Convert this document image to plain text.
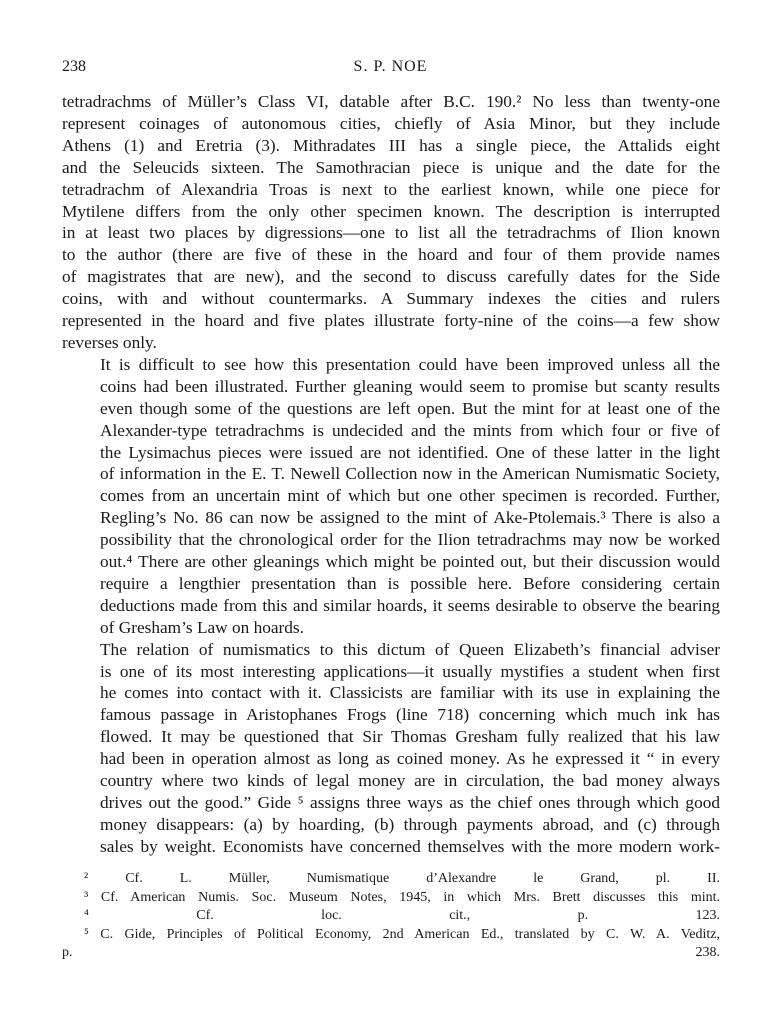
238	S. P. NOE

tetradrachms of Müller’s Class VI, datable after B.C. 190.² No less than twenty-one
represent coinages of autonomous cities, chiefly of Asia Minor, but they include
Athens (1) and Eretria (3). Mithradates III has a single piece, the Attalids eight
and the Seleucids sixteen. The Samothracian piece is unique and the date for the
tetradrachm of Alexandria Troas is next to the earliest known, while one piece for
Mytilene differs from the only other specimen known. The description is interrupted
in at least two places by digressions—one to list all the tetradrachms of Ilion known
to the author (there are five of these in the hoard and four of them provide names
of magistrates that are new), and the second to discuss carefully dates for the Side
coins, with and without countermarks. A Summary indexes the cities and rulers
represented in the hoard and five plates illustrate forty-nine of the coins—a few show
reverses only.

It is difficult to see how this presentation could have been improved unless all the
coins had been illustrated. Further gleaning would seem to promise but scanty results
even though some of the questions are left open. But the mint for at least one of the
Alexander-type tetradrachms is undecided and the mints from which four or five of
the Lysimachus pieces were issued are not identified. One of these latter in the light
of information in the E. T. Newell Collection now in the American Numismatic Society,
comes from an uncertain mint of which but one other specimen is recorded. Further,
Regling’s No. 86 can now be assigned to the mint of Ake-Ptolemais.³ There is also a
possibility that the chronological order for the Ilion tetradrachms may now be worked
out.⁴ There are other gleanings which might be pointed out, but their discussion would
require a lengthier presentation than is possible here. Before considering certain
deductions made from this and similar hoards, it seems desirable to observe the bearing
of Gresham’s Law on hoards.

The relation of numismatics to this dictum of Queen Elizabeth’s financial adviser
is one of its most interesting applications—it usually mystifies a student when first
he comes into contact with it. Classicists are familiar with its use in explaining the
famous passage in Aristophanes Frogs (line 718) concerning which much ink has
flowed. It may be questioned that Sir Thomas Gresham fully realized that his law
had been in operation almost as long as coined money. As he expressed it “ in every
country where two kinds of legal money are in circulation, the bad money always
drives out the good.” Gide ⁵ assigns three ways as the chief ones through which good
money disappears: (a) by hoarding, (b) through payments abroad, and (c) through
sales by weight. Economists have concerned themselves with the more modern work-

² Cf. L. Müller, Numismatique d’Alexandre le Grand, pl. II.

³ Cf. American Numis. Soc. Museum Notes, 1945, in which Mrs. Brett discusses this mint.

⁴ Cf. loc. cit., p. 123.

⁵ C. Gide, Principles of Political Economy, 2nd American Ed., translated by C. W. A. Veditz,
p. 238.
